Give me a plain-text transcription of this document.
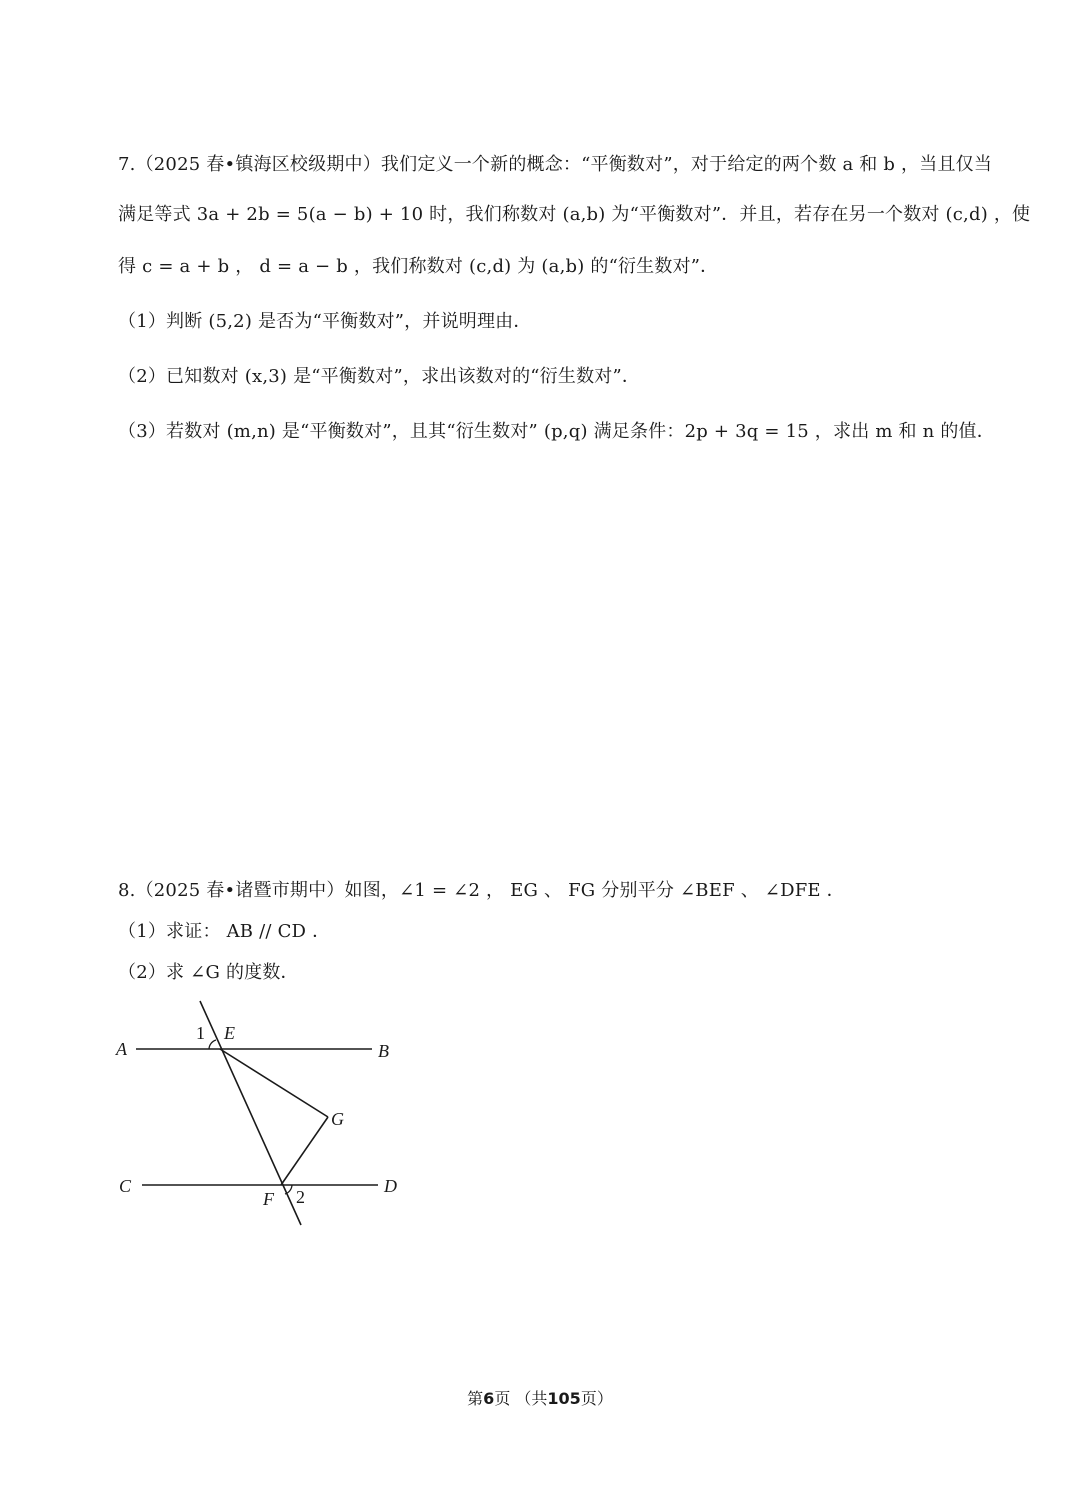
7.（2025 春•镇海区校级期中）我们定义一个新的概念：“平衡数对”，对于给定的两个数 a 和 b ，当且仅当
满足等式 3a + 2b = 5(a − b) + 10 时，我们称数对 (a,b) 为“平衡数对”．并且，若存在另一个数对 (c,d) ，使
得 c = a + b ， d = a − b ，我们称数对 (c,d) 为 (a,b) 的“衍生数对”．
（1）判断 (5,2) 是否为“平衡数对”，并说明理由．
（2）已知数对 (x,3) 是“平衡数对”，求出该数对的“衍生数对”．
（3）若数对 (m,n) 是“平衡数对”，且其“衍生数对” (p,q) 满足条件：2p + 3q = 15 ，求出 m 和 n 的值．
8.（2025 春•诸暨市期中）如图，∠1 = ∠2 ， EG 、 FG 分别平分 ∠BEF 、 ∠DFE ．
（1）求证： AB // CD ．
（2）求 ∠G 的度数．
A	B
C	D
E
F
G
1
2
第6页 （共105页）
